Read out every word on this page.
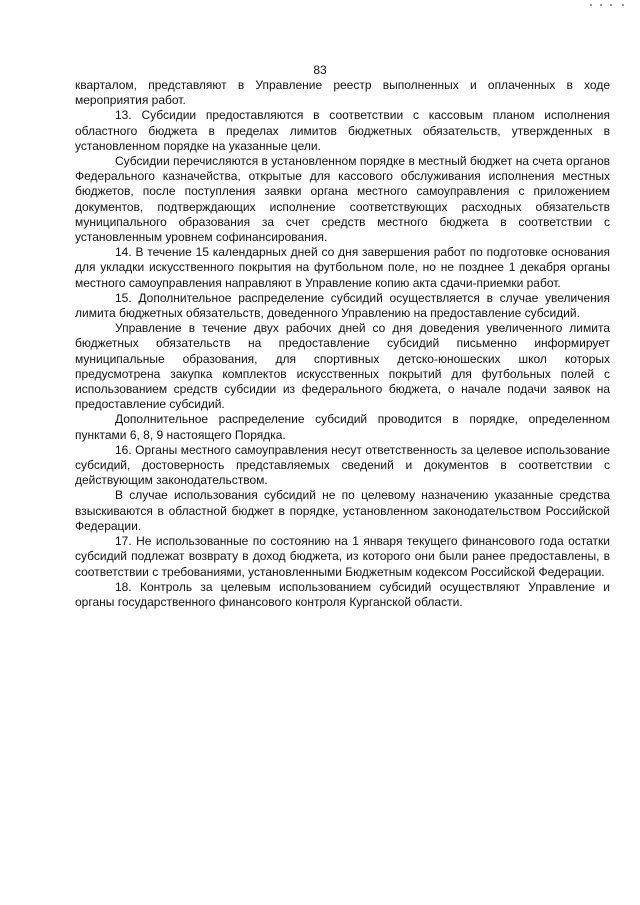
83

кварталом, представляют в Управление реестр выполненных и оплаченных в ходе мероприятия работ.

13. Субсидии предоставляются в соответствии с кассовым планом исполнения областного бюджета в пределах лимитов бюджетных обязательств, утвержденных в установленном порядке на указанные цели.

Субсидии перечисляются в установленном порядке в местный бюджет на счета органов Федерального казначейства, открытые для кассового обслуживания исполнения местных бюджетов, после поступления заявки органа местного самоуправления с приложением документов, подтверждающих исполнение соответствующих расходных обязательств муниципального образования за счет средств местного бюджета в соответствии с установленным уровнем софинансирования.

14. В течение 15 календарных дней со дня завершения работ по подготовке основания для укладки искусственного покрытия на футбольном поле, но не позднее 1 декабря органы местного самоуправления направляют в Управление копию акта сдачи-приемки работ.

15. Дополнительное распределение субсидий осуществляется в случае увеличения лимита бюджетных обязательств, доведенного Управлению на предоставление субсидий.

Управление в течение двух рабочих дней со дня доведения увеличенного лимита бюджетных обязательств на предоставление субсидий письменно информирует муниципальные образования, для спортивных детско-юношеских школ которых предусмотрена закупка комплектов искусственных покрытий для футбольных полей с использованием средств субсидии из федерального бюджета, о начале подачи заявок на предоставление субсидий.

Дополнительное распределение субсидий проводится в порядке, определенном пунктами 6, 8, 9 настоящего Порядка.

16. Органы местного самоуправления несут ответственность за целевое использование субсидий, достоверность представляемых сведений и документов в соответствии с действующим законодательством.

В случае использования субсидий не по целевому назначению указанные средства взыскиваются в областной бюджет в порядке, установленном законодательством Российской Федерации.

17. Не использованные по состоянию на 1 января текущего финансового года остатки субсидий подлежат возврату в доход бюджета, из которого они были ранее предоставлены, в соответствии с требованиями, установленными Бюджетным кодексом Российской Федерации.

18. Контроль за целевым использованием субсидий осуществляют Управление и органы государственного финансового контроля Курганской области.
